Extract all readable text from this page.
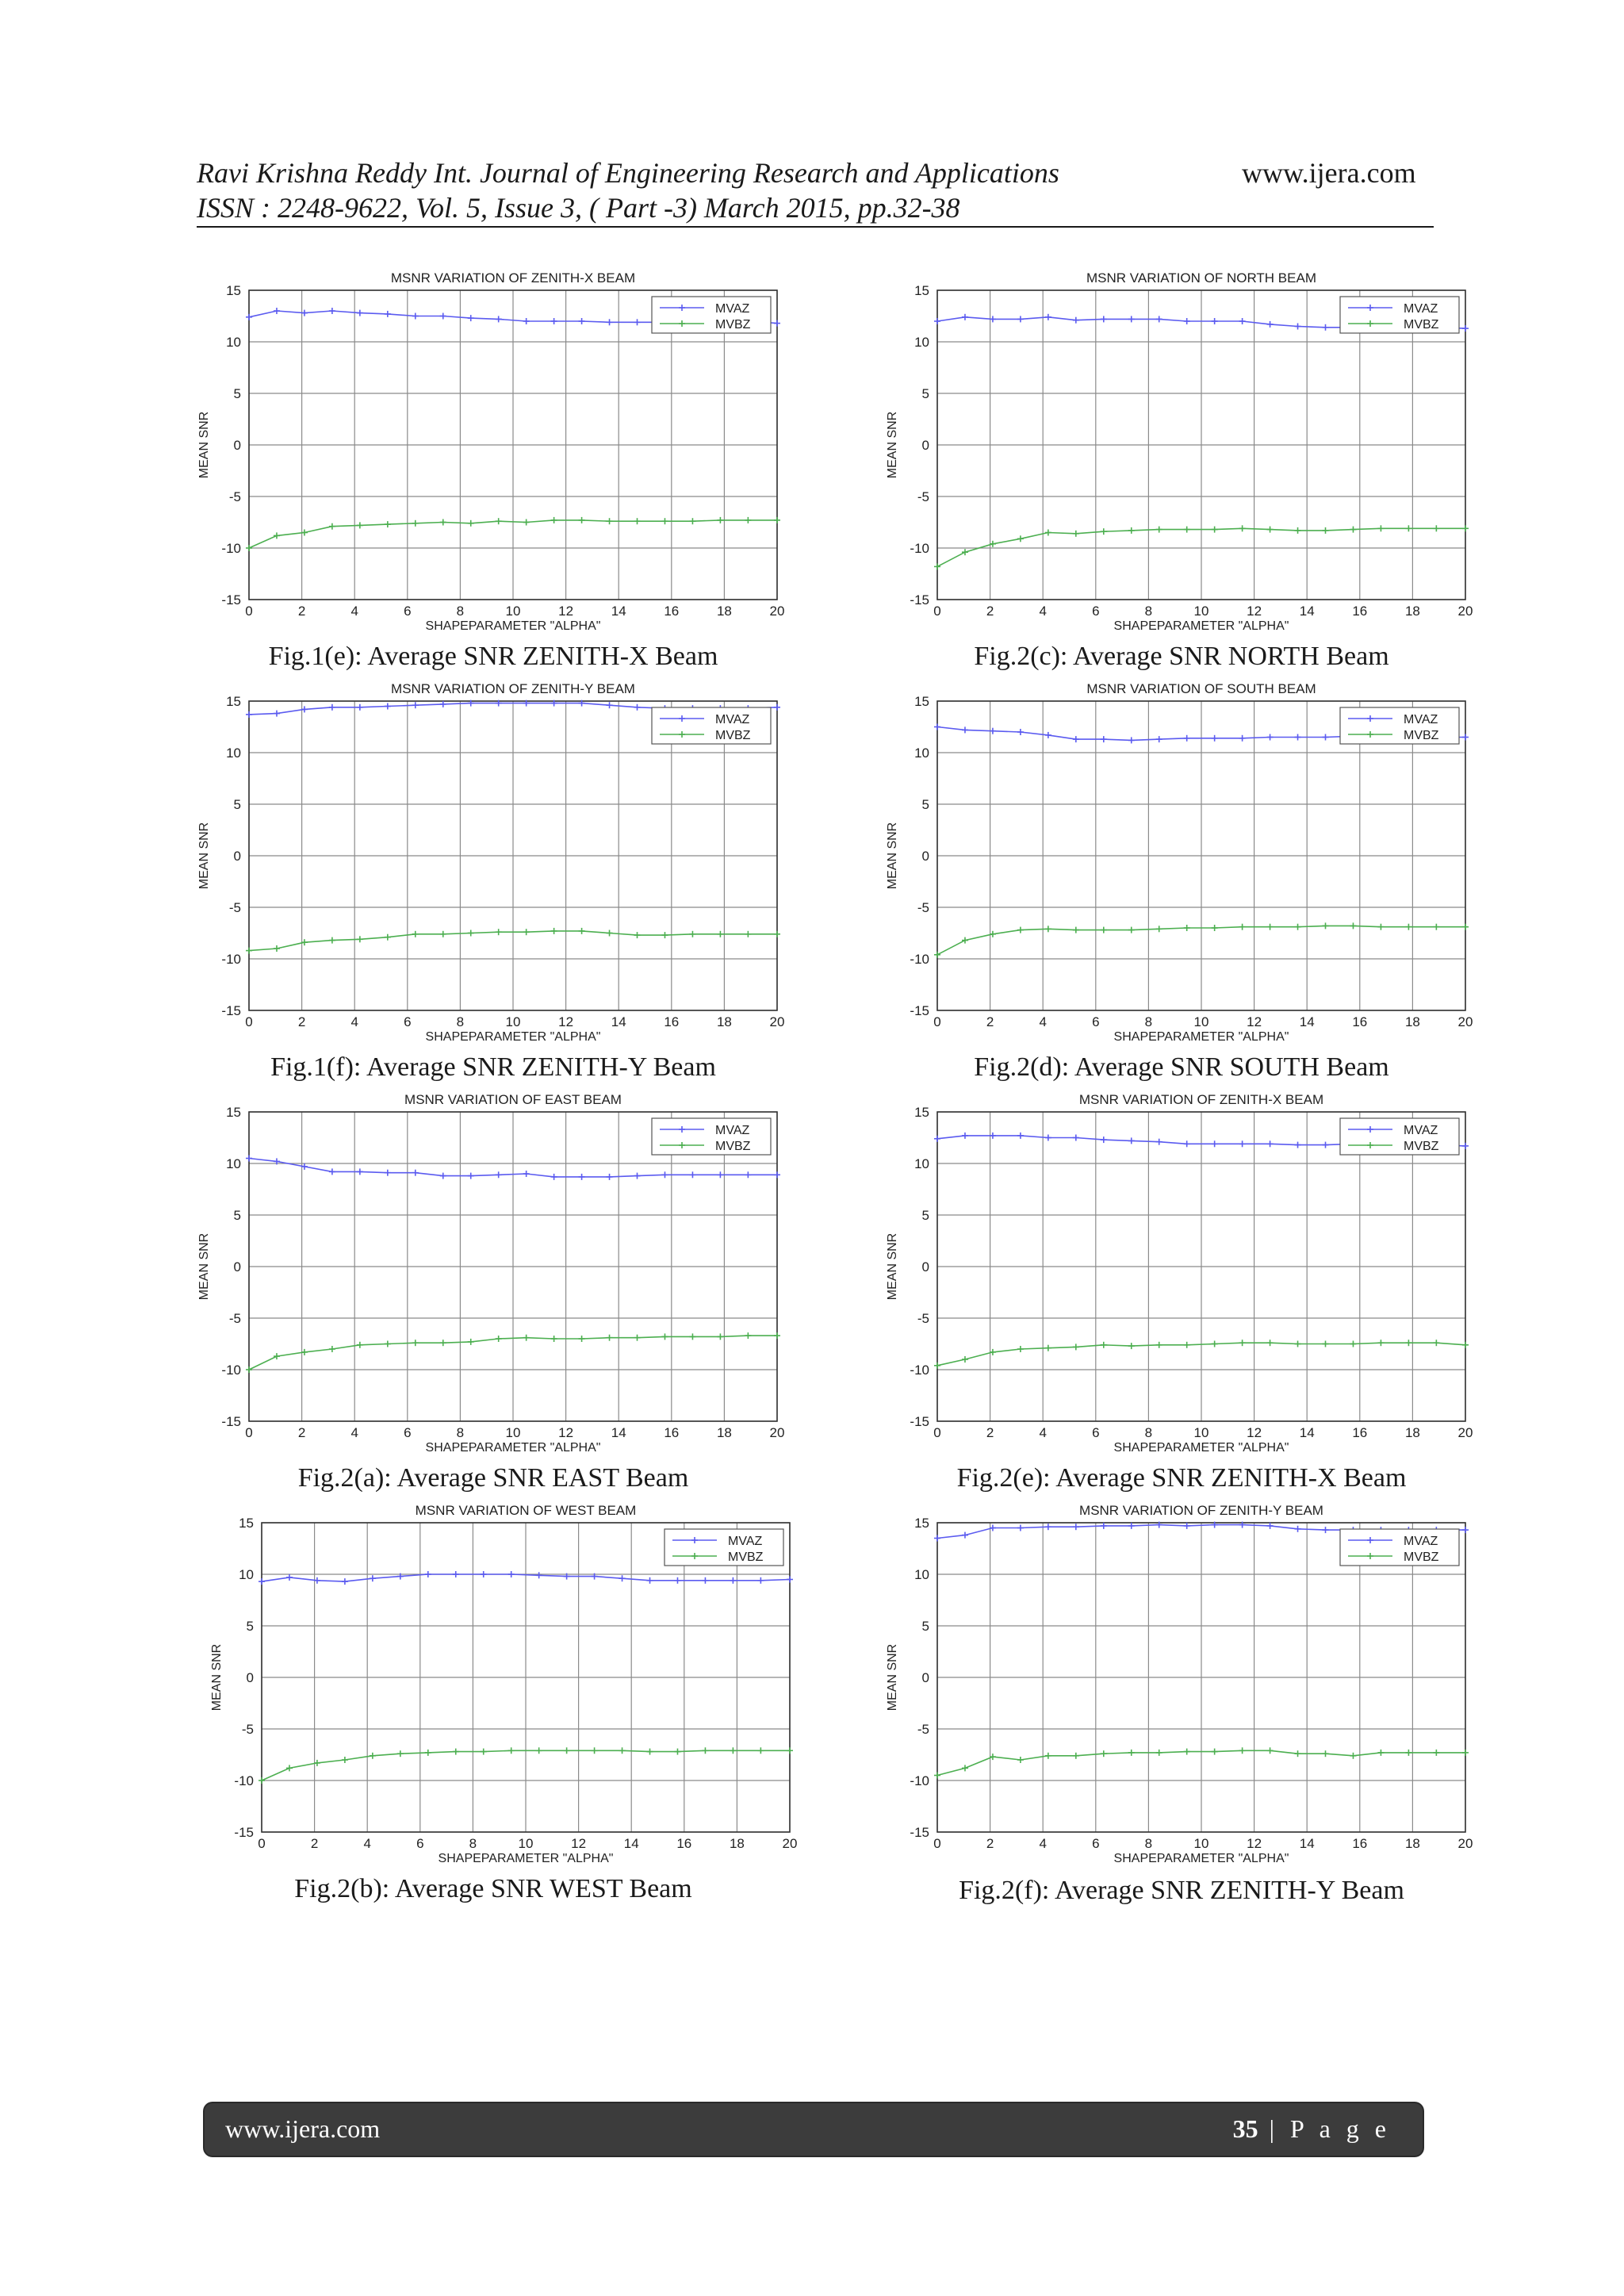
Ravi Krishna Reddy Int. Journal of Engineering Research and Applications
ISSN : 2248-9622, Vol. 5, Issue 3, ( Part -3) March 2015, pp.32-38
www.ijera.com
MSNR VARIATION OF ZENITH-X BEAM
0	2	4	6	8	10	12	14	16	18	20
-15
-10
-5
0
5
10
15
SHAPEPARAMETER "ALPHA"
MEAN SNR
MVAZ
MVBZ
MSNR VARIATION OF NORTH BEAM
0	2	4	6	8	10	12	14	16	18	20
-15
-10
-5
0
5
10
15
SHAPEPARAMETER "ALPHA"
MEAN SNR
MVAZ
MVBZ
Fig.1(e): Average SNR ZENITH-X Beam	Fig.2(c): Average SNR NORTH Beam
MSNR VARIATION OF ZENITH-Y BEAM
0	2	4	6	8	10	12	14	16	18	20
-15
-10
-5
0
5
10
15
SHAPEPARAMETER "ALPHA"
MEAN SNR
MVAZ
MVBZ
MSNR VARIATION OF SOUTH BEAM
0	2	4	6	8	10	12	14	16	18	20
-15
-10
-5
0
5
10
15
SHAPEPARAMETER "ALPHA"
MEAN SNR
MVAZ
MVBZ
Fig.1(f): Average SNR ZENITH-Y Beam	Fig.2(d): Average SNR SOUTH Beam
MSNR VARIATION OF EAST BEAM
0	2	4	6	8	10	12	14	16	18	20
-15
-10
-5
0
5
10
15
SHAPEPARAMETER "ALPHA"
MEAN SNR
MVAZ
MVBZ
MSNR VARIATION OF ZENITH-X BEAM
0	2	4	6	8	10	12	14	16	18	20
-15
-10
-5
0
5
10
15
SHAPEPARAMETER "ALPHA"
MEAN SNR
MVAZ
MVBZ
Fig.2(a): Average SNR EAST Beam	Fig.2(e): Average SNR ZENITH-X Beam
MSNR VARIATION OF WEST BEAM
0	2	4	6	8	10	12	14	16	18	20
-15
-10
-5
0
5
10
15
SHAPEPARAMETER "ALPHA"
MEAN SNR
MVAZ
MVBZ
MSNR VARIATION OF ZENITH-Y BEAM
0	2	4	6	8	10	12	14	16	18	20
-15
-10
-5
0
5
10
15
SHAPEPARAMETER "ALPHA"
MEAN SNR
MVAZ
MVBZ
Fig.2(b): Average SNR WEST Beam	Fig.2(f): Average SNR ZENITH-Y Beam
www.ijera.com	35 | P a g e
